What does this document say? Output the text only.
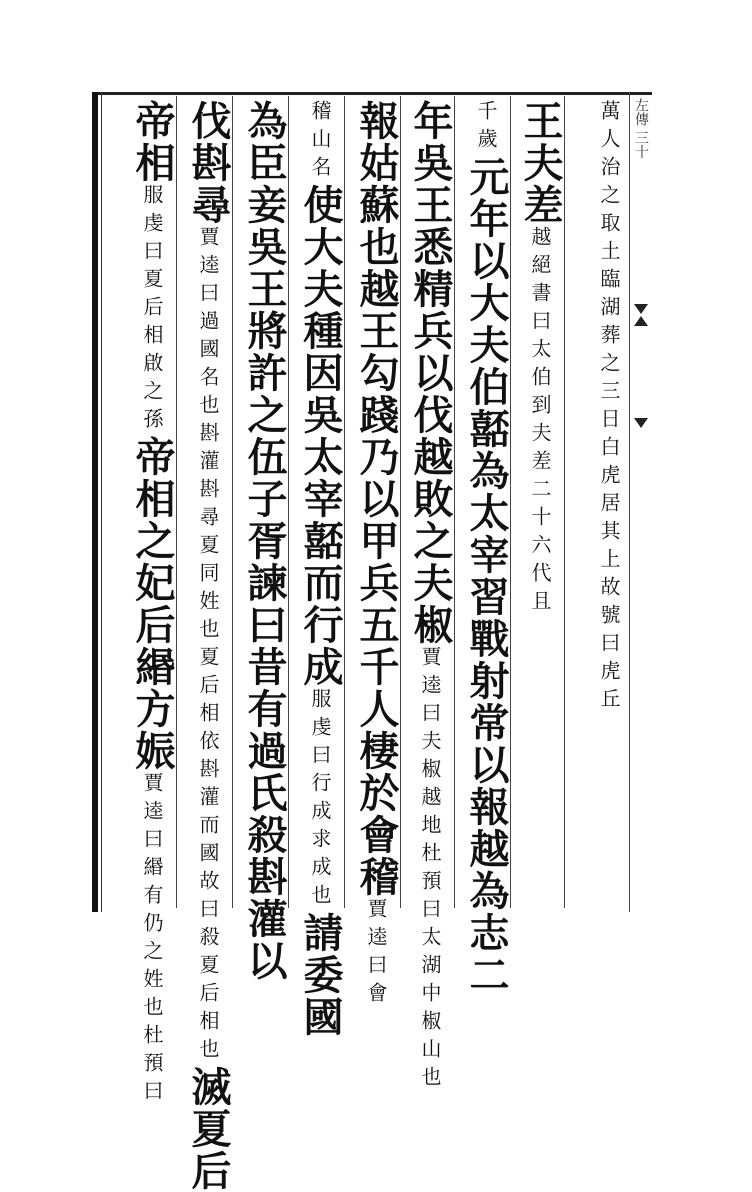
左傳 三十
萬人治之取土臨湖葬之三日白虎居其上故號曰虎丘
王夫差越絕書曰太伯到夫差二十六代且
千歲元年以大夫伯嚭為太宰習戰射常以報越為志二
年吳王悉精兵以伐越敗之夫椒賈逵曰夫椒越地杜預曰太湖中椒山也
報姑蘇也越王勾踐乃以甲兵五千人棲於會稽賈逵曰會
稽山名使大夫種因吳太宰嚭而行成服虔曰行成求成也請委國
為臣妾吳王將許之伍子胥諫曰昔有過氏殺斟灌以
伐斟尋賈逵曰過國名也斟灌斟尋夏同姓也夏后相依斟灌而國故曰殺夏后相也滅夏后
帝相服虔曰夏后相啟之孫帝相之妃后緡方娠賈逵曰緡有仍之姓也杜預曰
